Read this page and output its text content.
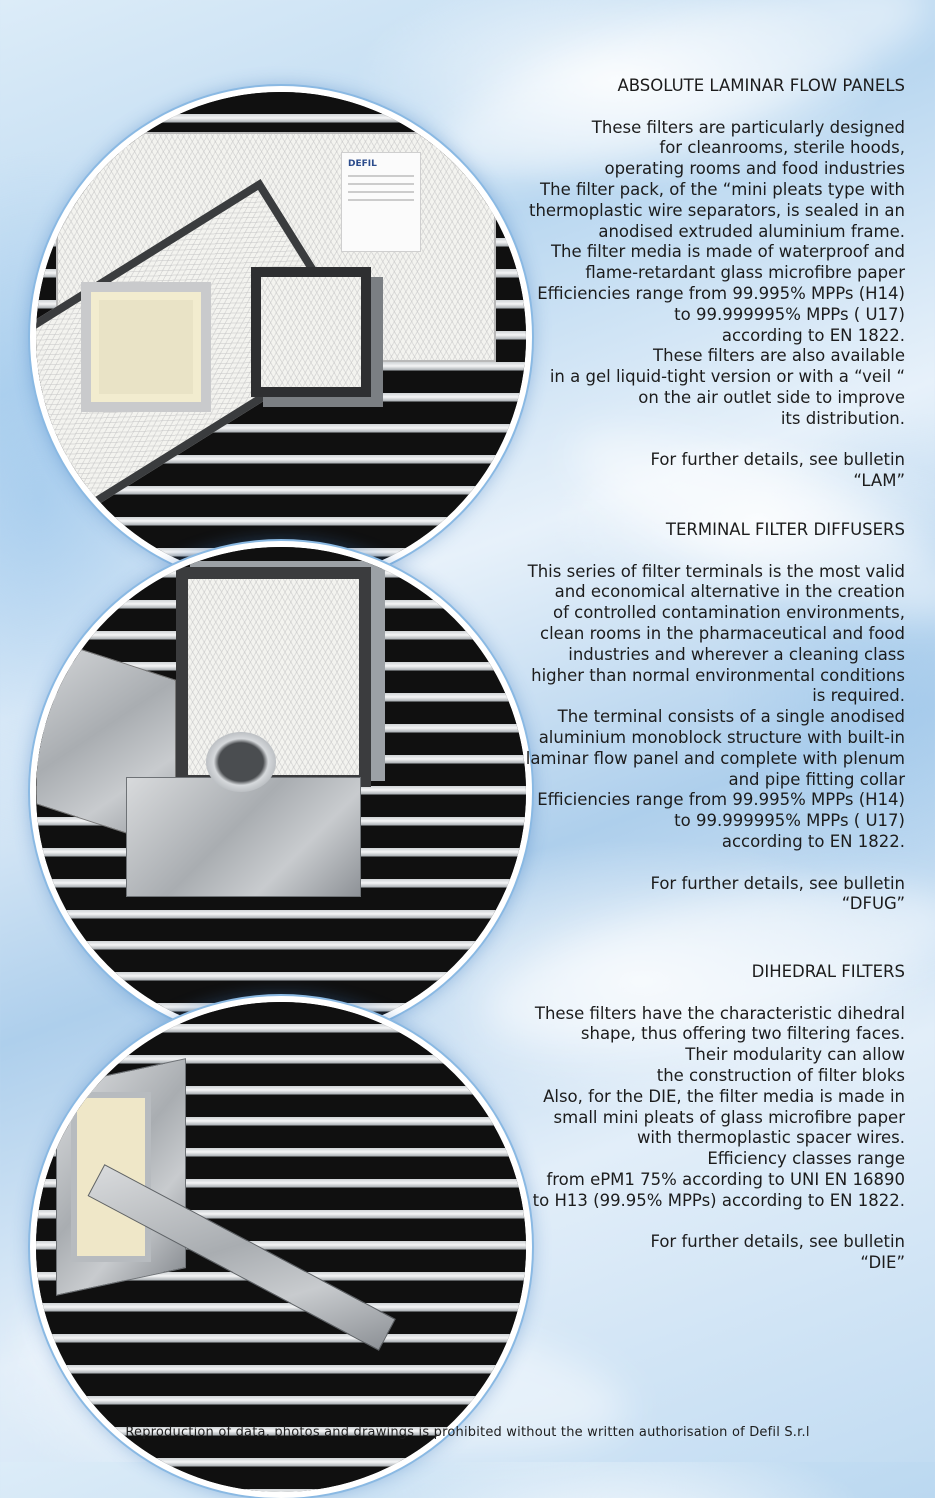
DEFIL
ABSOLUTE LAMINAR FLOW PANELS

These filters are particularly designed
for cleanrooms, sterile hoods,
operating rooms and food industries
The filter pack, of the “mini pleats type with
thermoplastic wire separators, is sealed in an
anodised extruded aluminium frame.
The filter media is made of waterproof and
flame-retardant glass microfibre paper
Efficiencies range from 99.995% MPPs (H14)
to 99.999995% MPPs ( U17)
according to EN 1822.
These filters are also available
in a gel liquid-tight version or with a “veil “
on the air outlet side to improve
its distribution.

For further details, see bulletin
“LAM”

TERMINAL FILTER DIFFUSERS

This series of filter terminals is the most valid
and economical alternative in the creation
of controlled contamination environments,
clean rooms in the pharmaceutical and food
industries and wherever a cleaning class
higher than normal environmental conditions
is required.
The terminal consists of a single anodised
aluminium monoblock structure with built-in
laminar flow panel and complete with plenum
and pipe fitting collar
Efficiencies range from 99.995% MPPs (H14)
to 99.999995% MPPs ( U17)
according to EN 1822.

For further details, see bulletin
“DFUG”

DIHEDRAL FILTERS

These filters have the characteristic dihedral
shape, thus offering two filtering faces.
Their modularity can allow
the construction of filter bloks
Also, for the DIE, the filter media is made in
small mini pleats of glass microfibre paper
with thermoplastic spacer wires.
Efficiency classes range
from ePM1 75% according to UNI EN 16890
to H13 (99.95% MPPs) according to EN 1822.

For further details, see bulletin
“DIE”

Reproduction of data, photos and drawings is prohibited without the written authorisation of Defil S.r.l
